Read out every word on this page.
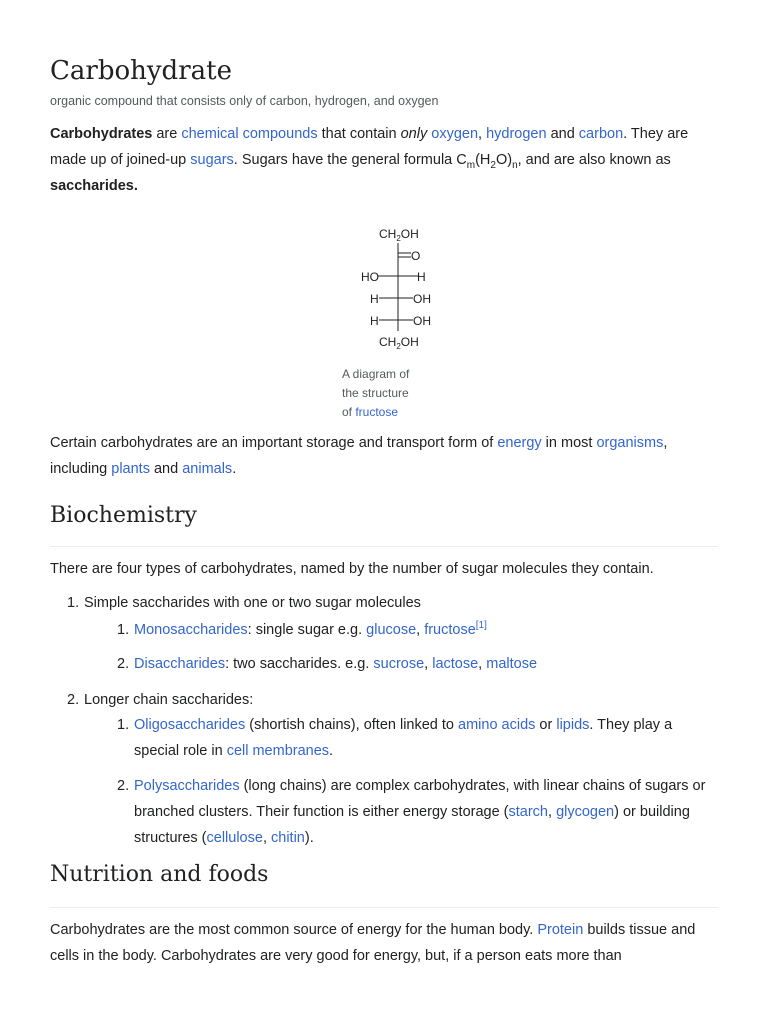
Carbohydrate
organic compound that consists only of carbon, hydrogen, and oxygen

Carbohydrates are chemical compounds that contain only oxygen, hydrogen and carbon. They are made up of joined-up sugars. Sugars have the general formula $C_m(H_2O)_n$, and are also known as saccharides.

$CH_2OH$
O
HO	H
H	OH
H	OH
$CH_2OH$
A diagram of the structure of fructose

Certain carbohydrates are an important storage and transport form of energy in most organisms, including plants and animals.

Biochemistry

There are four types of carbohydrates, named by the number of sugar molecules they contain.

1. Simple saccharides with one or two sugar molecules
1. Monosaccharides: single sugar e.g. glucose, fructose[1]
2. Disaccharides: two saccharides. e.g. sucrose, lactose, maltose
2. Longer chain saccharides:
1. Oligosaccharides (shortish chains), often linked to amino acids or lipids. They play a special role in cell membranes.
2. Polysaccharides (long chains) are complex carbohydrates, with linear chains of sugars or branched clusters. Their function is either energy storage (starch, glycogen) or building structures (cellulose, chitin).
Nutrition and foods

Carbohydrates are the most common source of energy for the human body. Protein builds tissue and cells in the body. Carbohydrates are very good for energy, but, if a person eats more than
